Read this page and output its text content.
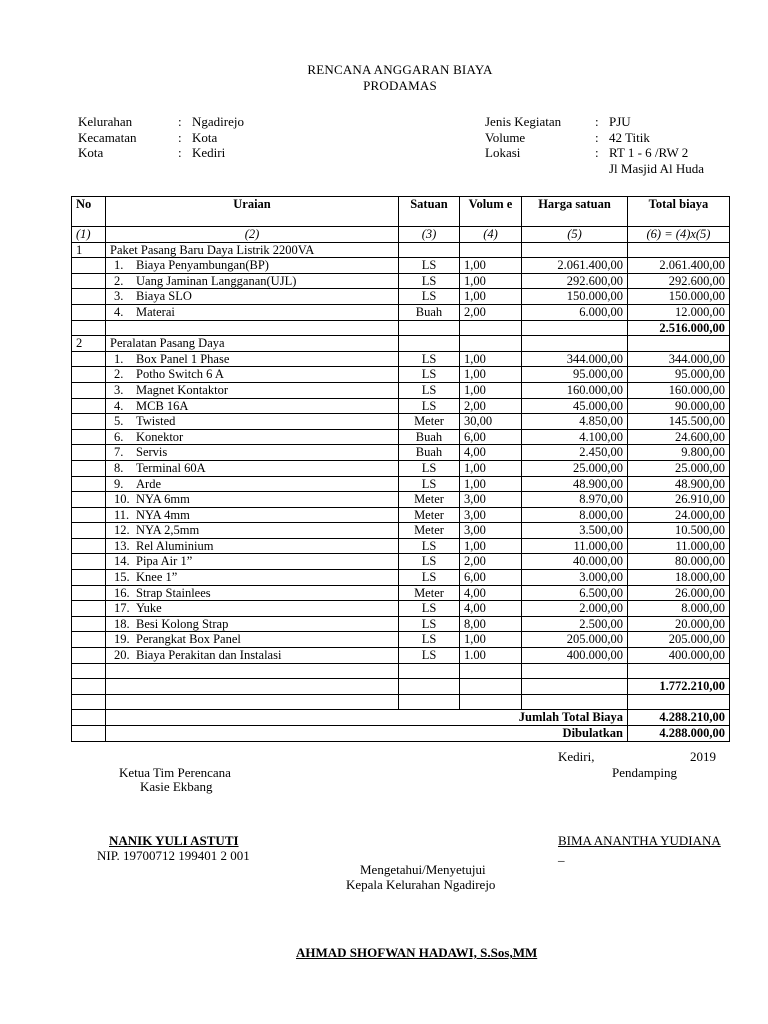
RENCANA ANGGARAN BIAYA
PRODAMAS
Kelurahan	: Ngadirejo
Kecamatan	: Kota
Kota	: Kediri
Jenis Kegiatan	: PJU
Volume	: 42 Titik
Lokasi	: RT 1 - 6 /RW 2
Jl Masjid Al Huda
No	Uraian	Satuan	Volum e	Harga satuan	Total biaya
(1)	(2)	(3)	(4)	(5)	(6) = (4)x(5)
1	Paket Pasang Baru Daya Listrik 2200VA				
	1. Biaya Penyambungan(BP)	LS	1,00	2.061.400,00	2.061.400,00
	2. Uang Jaminan Langganan(UJL)	LS	1,00	292.600,00	292.600,00
	3. Biaya SLO	LS	1,00	150.000,00	150.000,00
	4. Materai	Buah	2,00	6.000,00	12.000,00
					2.516.000,00
2	Peralatan Pasang Daya				
	1. Box Panel 1 Phase	LS	1,00	344.000,00	344.000,00
	2. Potho Switch 6 A	LS	1,00	95.000,00	95.000,00
	3. Magnet Kontaktor	LS	1,00	160.000,00	160.000,00
	4. MCB 16A	LS	2,00	45.000,00	90.000,00
	5. Twisted	Meter	30,00	4.850,00	145.500,00
	6. Konektor	Buah	6,00	4.100,00	24.600,00
	7. Servis	Buah	4,00	2.450,00	9.800,00
	8. Terminal 60A	LS	1,00	25.000,00	25.000,00
	9. Arde	LS	1,00	48.900,00	48.900,00
	10. NYA 6mm	Meter	3,00	8.970,00	26.910,00
	11. NYA 4mm	Meter	3,00	8.000,00	24.000,00
	12. NYA 2,5mm	Meter	3,00	3.500,00	10.500,00
	13. Rel Aluminium	LS	1,00	11.000,00	11.000,00
	14. Pipa Air 1”	LS	2,00	40.000,00	80.000,00
	15. Knee 1”	LS	6,00	3.000,00	18.000,00
	16. Strap Stainlees	Meter	4,00	6.500,00	26.000,00
	17. Yuke	LS	4,00	2.000,00	8.000,00
	18. Besi Kolong Strap	LS	8,00	2.500,00	20.000,00
	19. Perangkat Box Panel	LS	1,00	205.000,00	205.000,00
	20. Biaya Perakitan dan Instalasi	LS	1.00	400.000,00	400.000,00

					1.772.210,00

	Jumlah Total Biaya				4.288.210,00
	Dibulatkan				4.288.000,00
Kediri,	2019
Ketua Tim Perencana
Kasie Ekbang
Pendamping
NANIK YULI ASTUTI
NIP. 19700712 199401 2 001
BIMA ANANTHA YUDIANA
_
Mengetahui/Menyetujui
Kepala Kelurahan Ngadirejo
AHMAD SHOFWAN HADAWI, S.Sos,MM
